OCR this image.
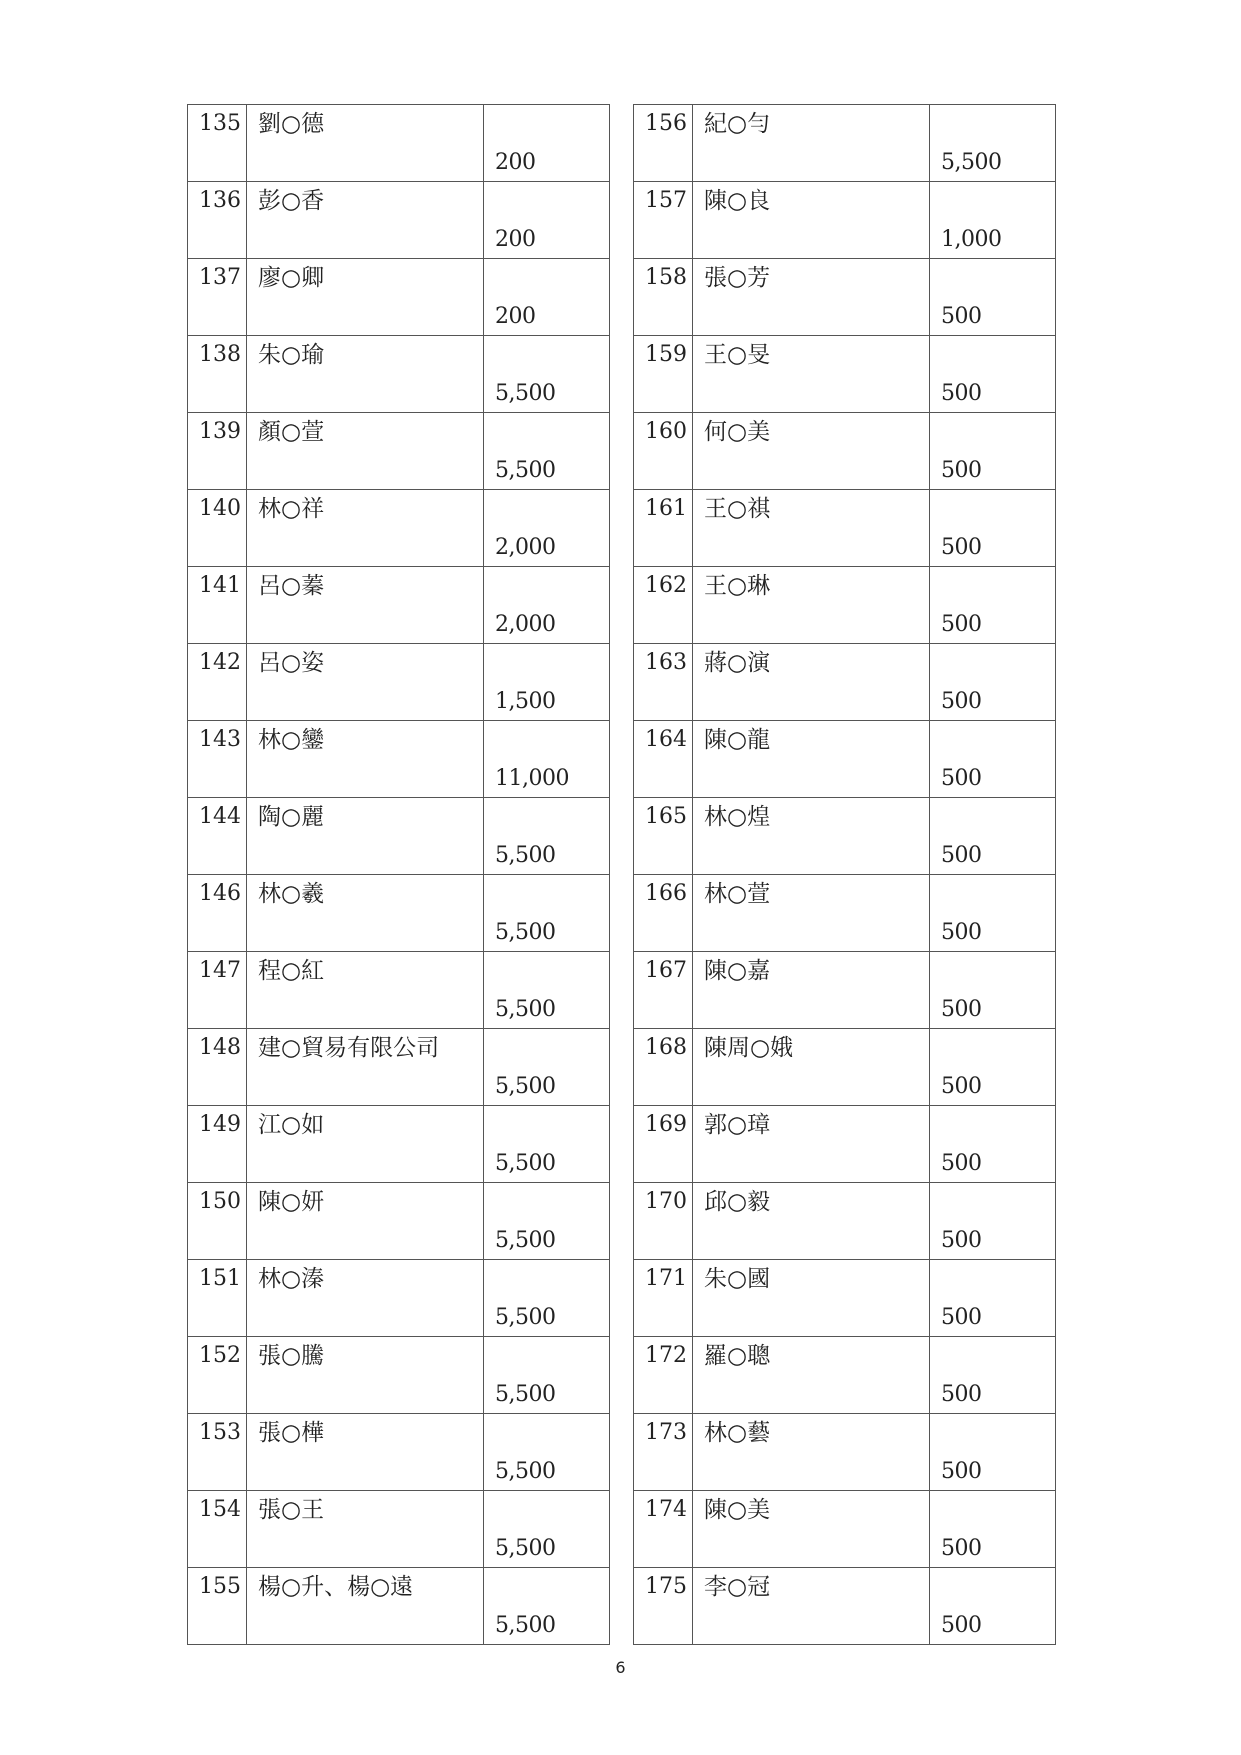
135	劉○德	200

136	彭○香	200

137	廖○卿	200

138	朱○瑜	5,500

139	顏○萱	5,500

140	林○祥	2,000

141	呂○蓁	2,000

142	呂○姿	1,500

143	林○鑾	11,000

144	陶○麗	5,500

146	林○羲	5,500

147	程○紅	5,500

148	建○貿易有限公司	5,500

149	江○如	5,500

150	陳○妍	5,500

151	林○溱	5,500

152	張○騰	5,500

153	張○樺	5,500

154	張○王	5,500

155	楊○升、楊○遠	5,500
156	紀○勻	5,500

157	陳○良	1,000

158	張○芳	500

159	王○旻	500

160	何○美	500

161	王○祺	500

162	王○琳	500

163	蔣○演	500

164	陳○龍	500

165	林○煌	500

166	林○萱	500

167	陳○嘉	500

168	陳周○娥	500

169	郭○璋	500

170	邱○毅	500

171	朱○國	500

172	羅○聰	500

173	林○藝	500

174	陳○美	500

175	李○冠	500
6
